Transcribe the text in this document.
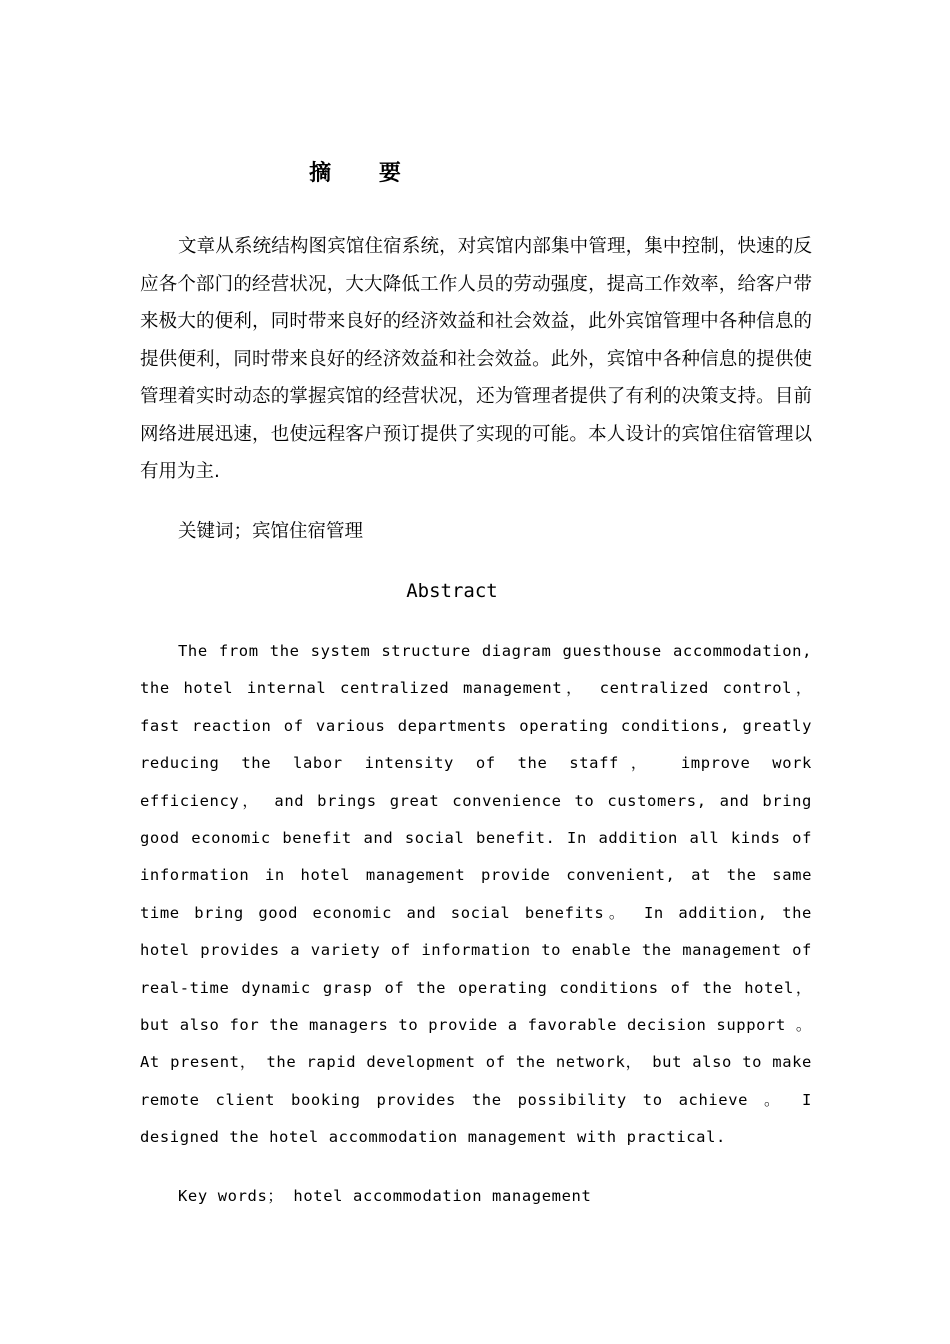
摘 要

文章从系统结构图宾馆住宿系统，对宾馆内部集中管理，集中控制，快速的反应各个部门的经营状况，大大降低工作人员的劳动强度，提高工作效率，给客户带来极大的便利，同时带来良好的经济效益和社会效益，此外宾馆管理中各种信息的提供便利，同时带来良好的经济效益和社会效益。此外，宾馆中各种信息的提供使管理着实时动态的掌握宾馆的经营状况，还为管理者提供了有利的决策支持。目前网络进展迅速，也使远程客户预订提供了实现的可能。本人设计的宾馆住宿管理以有用为主.

关键词；宾馆住宿管理
Abstract

The from the system structure diagram guesthouse accommodation, the hotel internal centralized management， centralized control， fast reaction of various departments operating conditions, greatly reducing the labor intensity of the staff， improve work efficiency， and brings great convenience to customers, and bring good economic benefit and social benefit. In addition all kinds of information in hotel management provide convenient, at the same time bring good economic and social benefits。 In addition, the hotel provides a variety of information to enable the management of real-time dynamic grasp of the operating conditions of the hotel， but also for the managers to provide a favorable decision support 。 At present， the rapid development of the network， but also to make remote client booking provides the possibility to achieve 。 I designed the hotel accommodation management with practical.

Key words； hotel accommodation management
